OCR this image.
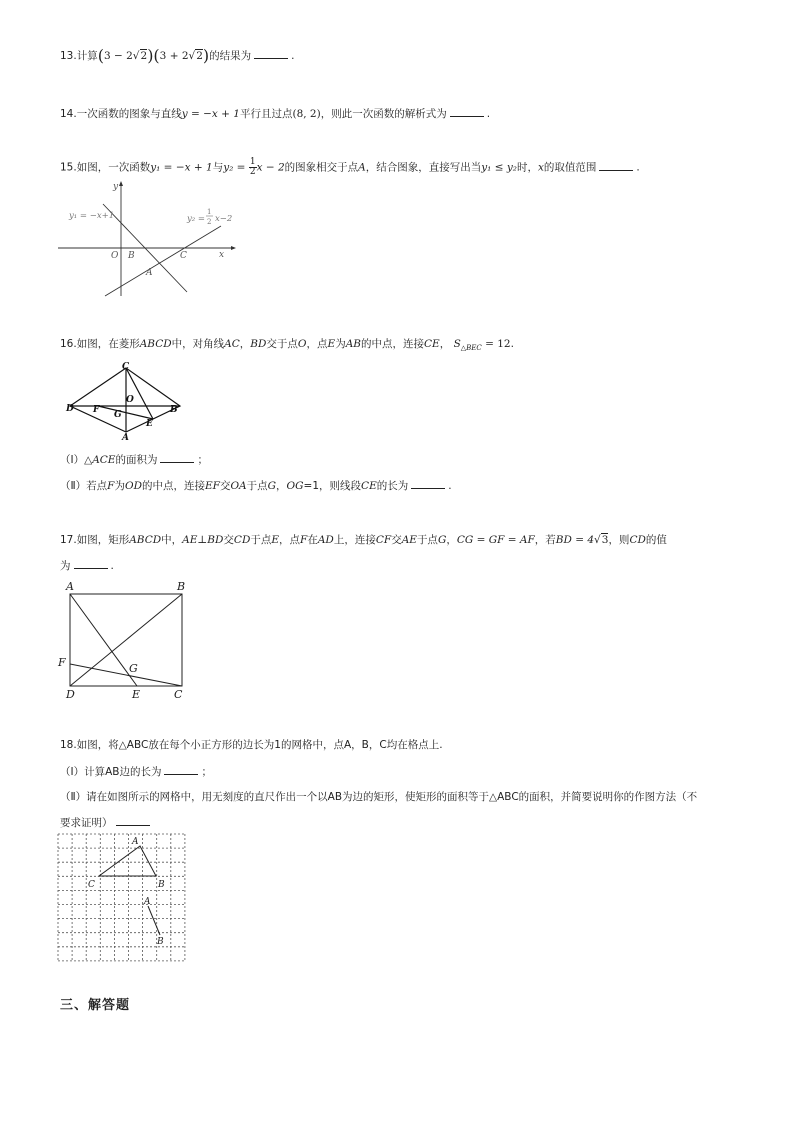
13.计算(3 − 2√2)(3 + 2√2)的结果为	.
14.一次函数的图象与直线y = −x + 1平行且过点(8, 2)，则此一次函数的解析式为	.
15.如图，一次函数y₁ = −x + 1与$y_2 = \frac{1}{2}$ x − 2的图象相交于点A，结合图象，直接写出当y₁ ≤ y₂时，x的取值范围	.
y
x
O B	C
A
y₁ = −x+1	y₂ =
1
2 x−2
16.如图，在菱形ABCD中，对角线AC，BD交于点O，点E为AB的中点，连接CE， $S_{\triangle BEC} = 12$.
C
O
D F G	B
E
A
（Ⅰ）△ACE的面积为	；
（Ⅱ）若点F为OD的中点，连接EF交OA于点G，OG=1，则线段CE的长为	.
17.如图，矩形ABCD中，AE⊥BD交CD于点E，点F在AD上，连接CF交AE于点G，CG = GF = AF，若BD = 4√3，则CD的值
为	.
A	B
F	G
D	E	C
18.如图，将△ABC放在每个小正方形的边长为1的网格中，点A，B，C均在格点上.
（Ⅰ）计算AB边的长为	；
（Ⅱ）请在如图所示的网格中，用无刻度的直尺作出一个以AB为边的矩形，使矩形的面积等于△ABC的面积，并简要说明你的作图方法（不
要求证明）
A
C	B
A
B
三、解答题
